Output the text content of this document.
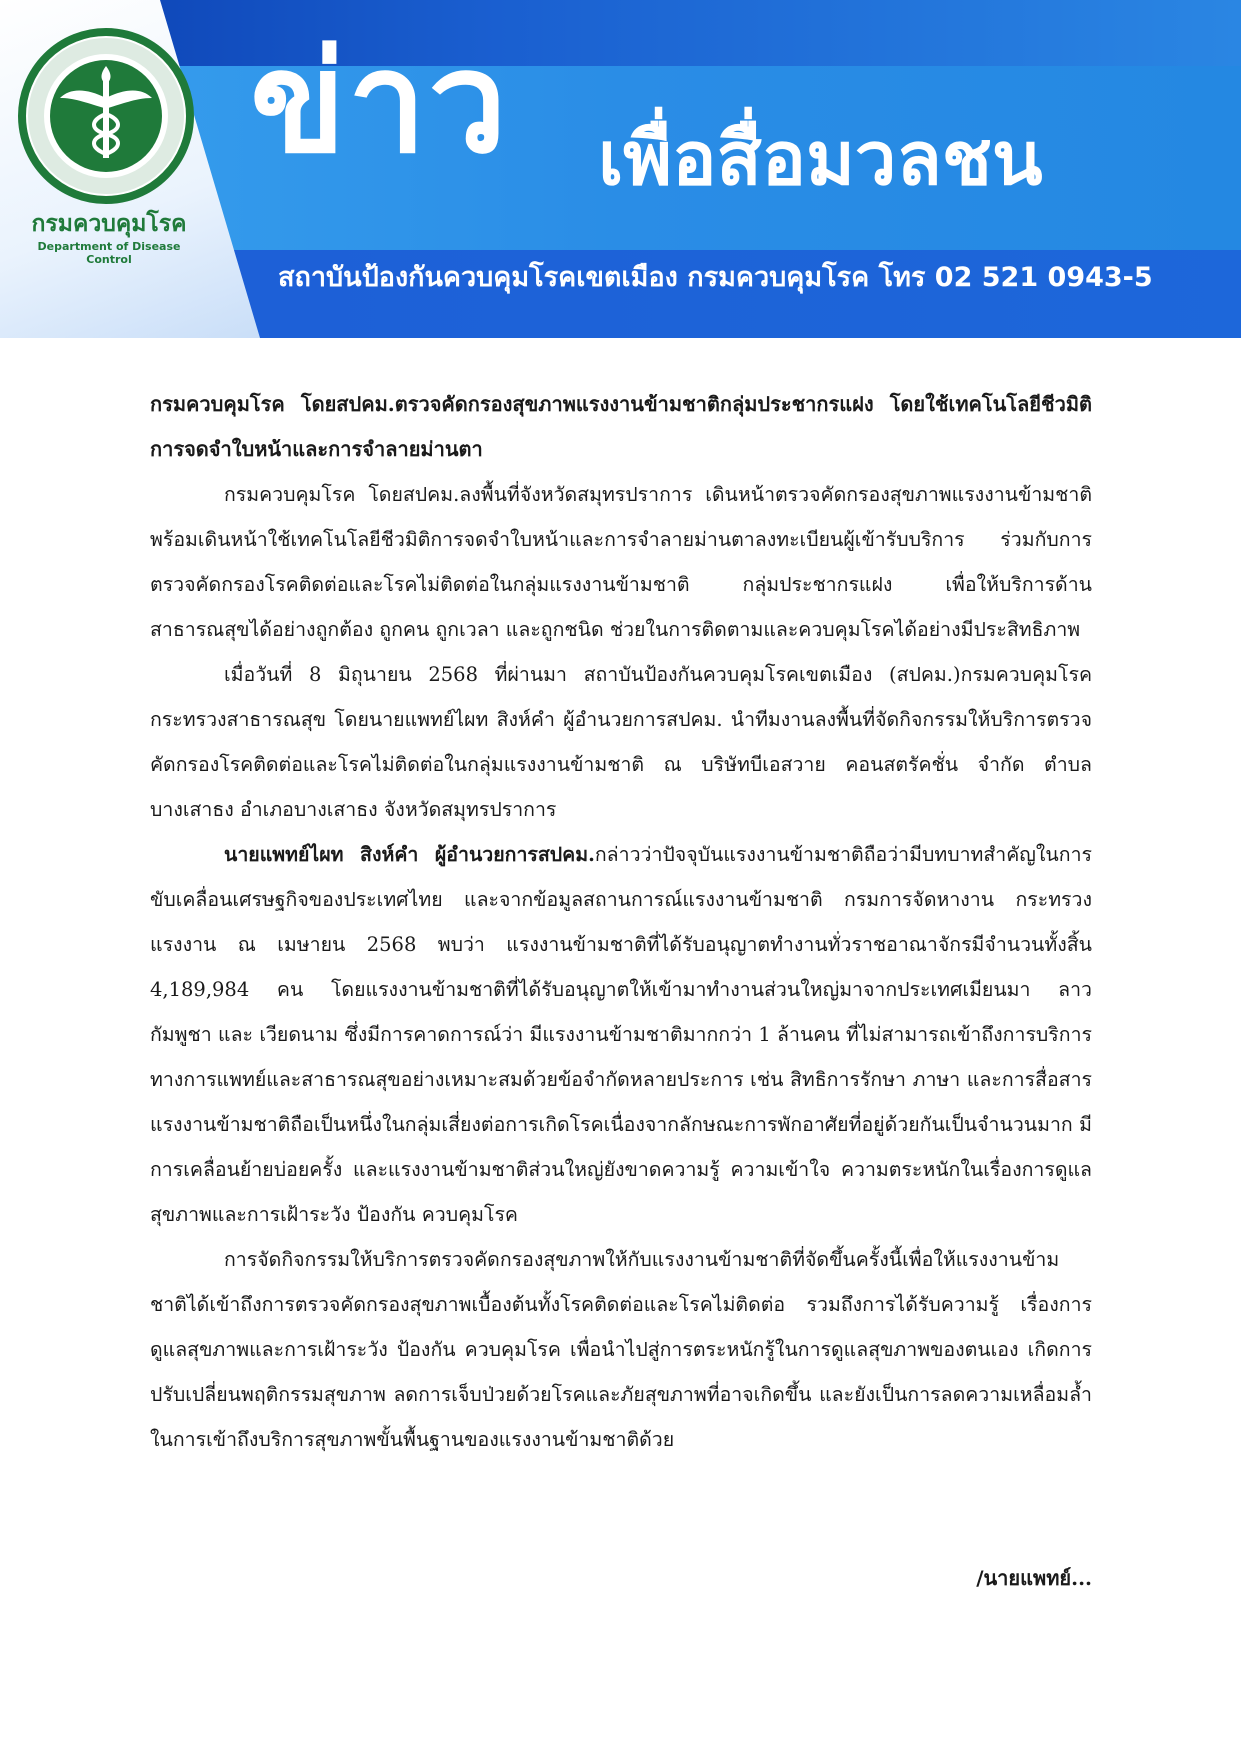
กรมควบคุมโรค
Department of Disease Control
ข่าว เพื่อสื่อมวลชน
สถาบันป้องกันควบคุมโรคเขตเมือง กรมควบคุมโรค โทร 02 521 0943-5

กรมควบคุมโรค โดยสปคม.ตรวจคัดกรองสุขภาพแรงงานข้ามชาติกลุ่มประชากรแฝง โดยใช้เทคโนโลยีชีวมิติการจดจำใบหน้าและการจำลายม่านตา

กรมควบคุมโรค โดยสปคม.ลงพื้นที่จังหวัดสมุทรปราการ เดินหน้าตรวจคัดกรองสุขภาพแรงงานข้ามชาติ พร้อมเดินหน้าใช้เทคโนโลยีชีวมิติการจดจำใบหน้าและการจำลายม่านตาลงทะเบียนผู้เข้ารับบริการ ร่วมกับการตรวจคัดกรองโรคติดต่อและโรคไม่ติดต่อในกลุ่มแรงงานข้ามชาติ กลุ่มประชากรแฝง เพื่อให้บริการด้านสาธารณสุขได้อย่างถูกต้อง ถูกคน ถูกเวลา และถูกชนิด ช่วยในการติดตามและควบคุมโรคได้อย่างมีประสิทธิภาพ

เมื่อวันที่ 8 มิถุนายน 2568 ที่ผ่านมา สถาบันป้องกันควบคุมโรคเขตเมือง (สปคม.)กรมควบคุมโรค กระทรวงสาธารณสุข โดยนายแพทย์ไผท สิงห์คำ ผู้อำนวยการสปคม. นำทีมงานลงพื้นที่จัดกิจกรรมให้บริการตรวจคัดกรองโรคติดต่อและโรคไม่ติดต่อในกลุ่มแรงงานข้ามชาติ ณ บริษัทบีเอสวาย คอนสตรัคชั่น จำกัด ตำบลบางเสาธง อำเภอบางเสาธง จังหวัดสมุทรปราการ

นายแพทย์ไผท สิงห์คำ ผู้อำนวยการสปคม.กล่าวว่าปัจจุบันแรงงานข้ามชาติถือว่ามีบทบาทสำคัญในการขับเคลื่อนเศรษฐกิจของประเทศไทย และจากข้อมูลสถานการณ์แรงงานข้ามชาติ กรมการจัดหางาน กระทรวงแรงงาน ณ เมษายน 2568 พบว่า แรงงานข้ามชาติที่ได้รับอนุญาตทำงานทั่วราชอาณาจักรมีจำนวนทั้งสิ้น 4,189,984 คน โดยแรงงานข้ามชาติที่ได้รับอนุญาตให้เข้ามาทำงานส่วนใหญ่มาจากประเทศเมียนมา ลาว กัมพูชา และ เวียดนาม ซึ่งมีการคาดการณ์ว่า มีแรงงานข้ามชาติมากกว่า 1 ล้านคน ที่ไม่สามารถเข้าถึงการบริการทางการแพทย์และสาธารณสุขอย่างเหมาะสมด้วยข้อจำกัดหลายประการ เช่น สิทธิการรักษา ภาษา และการสื่อสาร แรงงานข้ามชาติถือเป็นหนึ่งในกลุ่มเสี่ยงต่อการเกิดโรคเนื่องจากลักษณะการพักอาศัยที่อยู่ด้วยกันเป็นจำนวนมาก มีการเคลื่อนย้ายบ่อยครั้ง และแรงงานข้ามชาติส่วนใหญ่ยังขาดความรู้ ความเข้าใจ ความตระหนักในเรื่องการดูแลสุขภาพและการเฝ้าระวัง ป้องกัน ควบคุมโรค

การจัดกิจกรรมให้บริการตรวจคัดกรองสุขภาพให้กับแรงงานข้ามชาติที่จัดขึ้นครั้งนี้เพื่อให้แรงงานข้ามชาติได้เข้าถึงการตรวจคัดกรองสุขภาพเบื้องต้นทั้งโรคติดต่อและโรคไม่ติดต่อ รวมถึงการได้รับความรู้ เรื่องการดูแลสุขภาพและการเฝ้าระวัง ป้องกัน ควบคุมโรค เพื่อนำไปสู่การตระหนักรู้ในการดูแลสุขภาพของตนเอง เกิดการปรับเปลี่ยนพฤติกรรมสุขภาพ ลดการเจ็บป่วยด้วยโรคและภัยสุขภาพที่อาจเกิดขึ้น และยังเป็นการลดความเหลื่อมล้ำในการเข้าถึงบริการสุขภาพขั้นพื้นฐานของแรงงานข้ามชาติด้วย

/นายแพทย์...
